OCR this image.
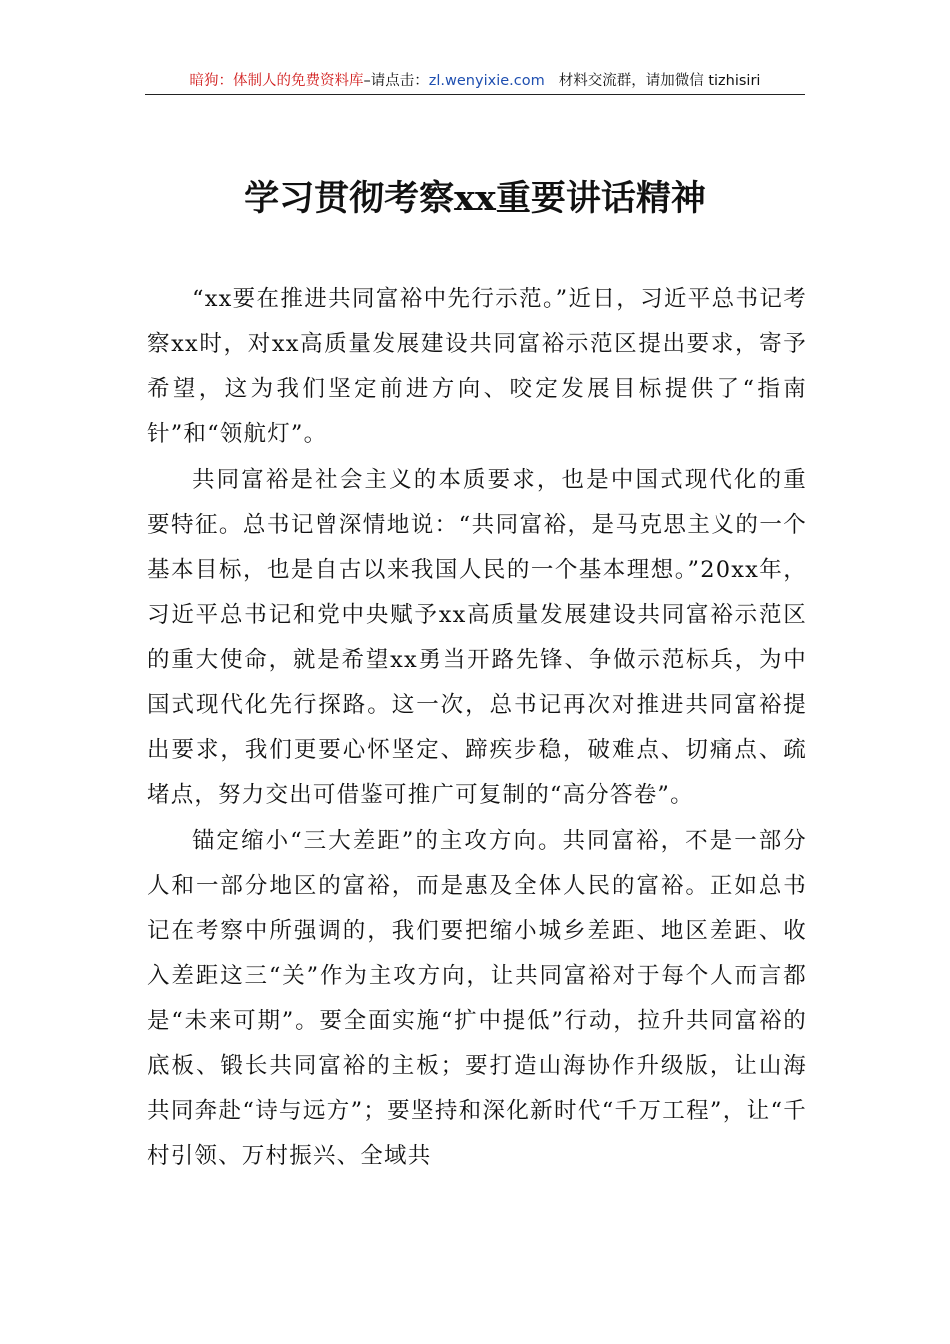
暗狗：体制人的免费资料库–请点击：zl.wenyixie.com 材料交流群，请加微信 tizhisiri
学习贯彻考察xx重要讲话精神

“xx要在推进共同富裕中先行示范。”近日，习近平总书记考察xx时，对xx高质量发展建设共同富裕示范区提出要求，寄予希望，这为我们坚定前进方向、咬定发展目标提供了“指南针”和“领航灯”。

共同富裕是社会主义的本质要求，也是中国式现代化的重要特征。总书记曾深情地说：“共同富裕，是马克思主义的一个基本目标，也是自古以来我国人民的一个基本理想。”20xx年，习近平总书记和党中央赋予xx高质量发展建设共同富裕示范区的重大使命，就是希望xx勇当开路先锋、争做示范标兵，为中国式现代化先行探路。这一次，总书记再次对推进共同富裕提出要求，我们更要心怀坚定、蹄疾步稳，破难点、切痛点、疏堵点，努力交出可借鉴可推广可复制的“高分答卷”。

锚定缩小“三大差距”的主攻方向。共同富裕，不是一部分人和一部分地区的富裕，而是惠及全体人民的富裕。正如总书记在考察中所强调的，我们要把缩小城乡差距、地区差距、收入差距这三“关”作为主攻方向，让共同富裕对于每个人而言都是“未来可期”。要全面实施“扩中提低”行动，拉升共同富裕的底板、锻长共同富裕的主板；要打造山海协作升级版，让山海共同奔赴“诗与远方”；要坚持和深化新时代“千万工程”，让“千村引领、万村振兴、全域共
